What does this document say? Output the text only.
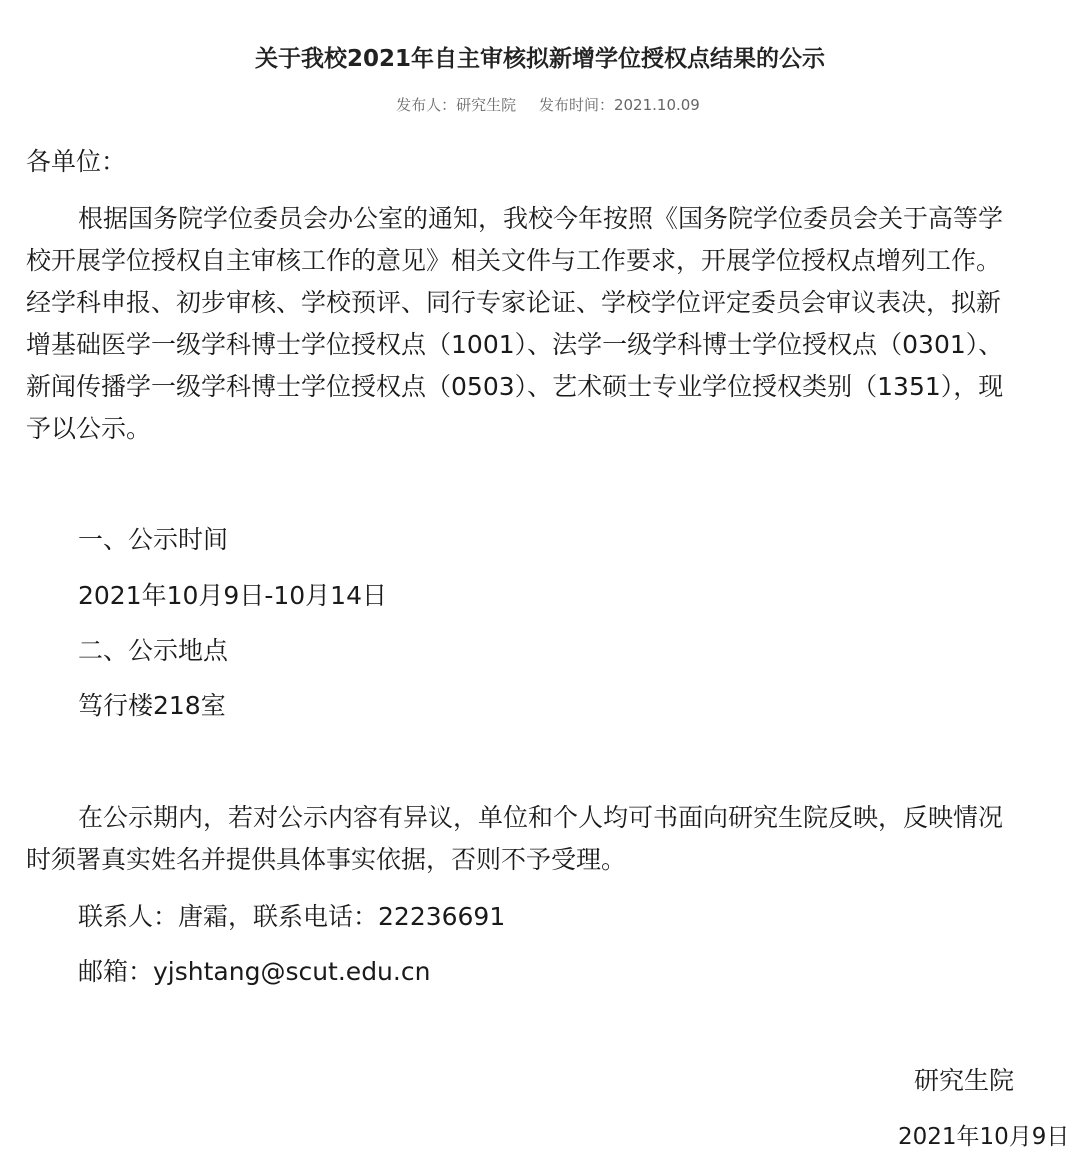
关于我校2021年自主审核拟新增学位授权点结果的公示
发布人：研究生院 发布时间：2021.10.09
各单位：
根据国务院学位委员会办公室的通知，我校今年按照《国务院学位委员会关于高等学
校开展学位授权自主审核工作的意见》相关文件与工作要求，开展学位授权点增列工作。
经学科申报、初步审核、学校预评、同行专家论证、学校学位评定委员会审议表决，拟新
增基础医学一级学科博士学位授权点（1001）、法学一级学科博士学位授权点（0301）、
新闻传播学一级学科博士学位授权点（0503）、艺术硕士专业学位授权类别（1351），现
予以公示。
一、公示时间
2021年10月9日-10月14日
二、公示地点
笃行楼218室
在公示期内，若对公示内容有异议，单位和个人均可书面向研究生院反映，反映情况
时须署真实姓名并提供具体事实依据，否则不予受理。
联系人：唐霜，联系电话：22236691
邮箱：yjshtang@scut.edu.cn
研究生院
2021年10月9日
